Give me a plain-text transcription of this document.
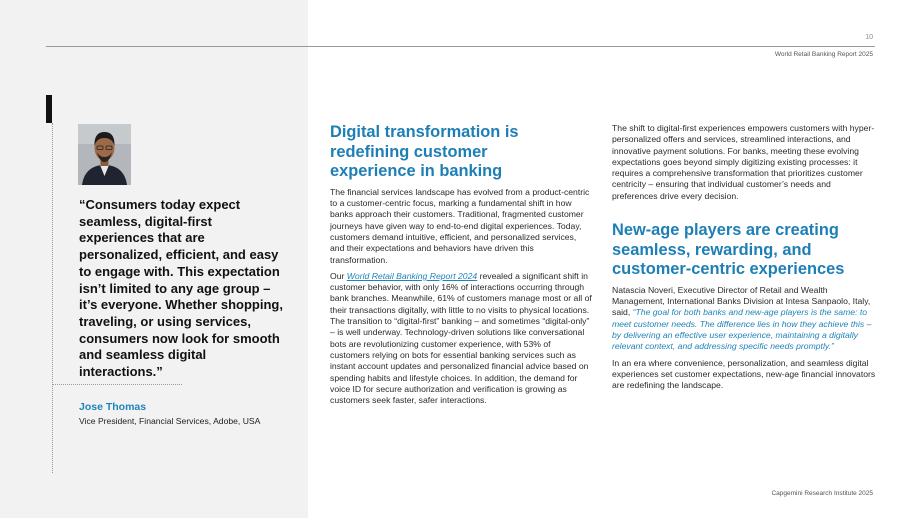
“Consumers today expect seamless, digital-first experiences that are personalized, efficient, and easy to engage with. This expectation isn’t limited to any age group – it’s everyone. Whether shopping, traveling, or using services, consumers now look for smooth and seamless digital interactions.”
Jose Thomas
Vice President, Financial Services, Adobe, USA
10
World Retail Banking Report 2025
Digital transformation is redefining customer experience in banking

The financial services landscape has evolved from a product-centric to a customer-centric focus, marking a fundamental shift in how banks approach their customers. Traditional, fragmented customer journeys have given way to end-to-end digital experiences. Today, customers demand intuitive, efficient, and personalized services, and their expectations and behaviors have driven this transformation.

Our World Retail Banking Report 2024 revealed a significant shift in customer behavior, with only 16% of interactions occurring through bank branches. Meanwhile, 61% of customers manage most or all of their transactions digitally, with little to no visits to physical locations. The transition to “digital-first” banking – and sometimes “digital-only” – is well underway. Technology-driven solutions like conversational bots are revolutionizing customer experience, with 53% of customers relying on bots for essential banking services such as instant account updates and personalized financial advice based on spending habits and lifestyle choices. In addition, the demand for voice ID for secure authorization and verification is growing as customers seek faster, safer interactions.

The shift to digital-first experiences empowers customers with hyper-personalized offers and services, streamlined interactions, and innovative payment solutions. For banks, meeting these evolving expectations goes beyond simply digitizing existing processes: it requires a comprehensive transformation that prioritizes customer centricity – ensuring that individual customer’s needs and preferences drive every decision.

New-age players are creating seamless, rewarding, and customer-centric experiences

Natascia Noveri, Executive Director of Retail and Wealth Management, International Banks Division at Intesa Sanpaolo, Italy, said, “The goal for both banks and new-age players is the same: to meet customer needs. The difference lies in how they achieve this – by delivering an effective user experience, maintaining a digitally relevant context, and addressing specific needs promptly.”

In an era where convenience, personalization, and seamless digital experiences set customer expectations, new-age financial innovators are redefining the landscape.

Capgemini Research Institute 2025
